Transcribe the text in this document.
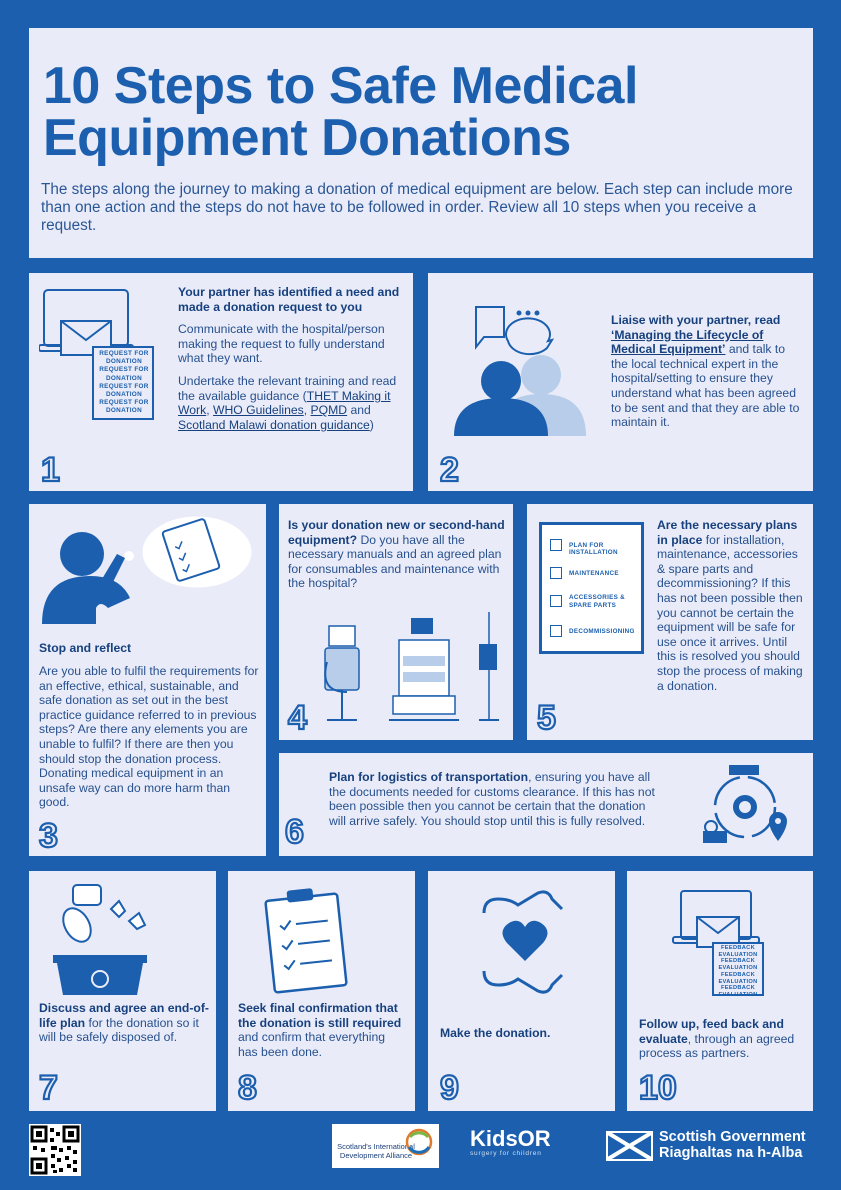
10 Steps to Safe Medical
Equipment Donations
The steps along the journey to making a donation of medical equipment are below. Each step can include more than one action and the steps do not have to be followed in order. Review all 10 steps when you receive a request.
REQUEST FOR
DONATION
REQUEST FOR
DONATION
REQUEST FOR
DONATION
REQUEST FOR
DONATION
Your partner has identified a need and made a donation request to you
Communicate with the hospital/person making the request to fully understand what they want.
Undertake the relevant training and read the available guidance (THET Making it Work, WHO Guidelines, PQMD and Scotland Malawi donation guidance)
1
Liaise with your partner, read ‘Managing the Lifecycle of Medical Equipment’ and talk to the local technical expert in the hospital/setting to ensure they understand what has been agreed to be sent and that they are able to maintain it.
2
Stop and reflect
Are you able to fulfil the requirements for an effective, ethical, sustainable, and safe donation as set out in the best practice guidance referred to in previous steps? Are there any elements you are unable to fulfil? If there are then you should stop the donation process. Donating medical equipment in an unsafe way can do more harm than good.
3
Is your donation new or second-hand equipment? Do you have all the necessary manuals and an agreed plan for consumables and maintenance with the hospital?
4
PLAN FOR INSTALLATION
MAINTENANCE
ACCESSORIES &
SPARE PARTS
DECOMMISSIONING
Are the necessary plans in place for installation, maintenance, accessories & spare parts and decommissioning? If this has not been possible then you cannot be certain the equipment will be safe for use once it arrives. Until this is resolved you should stop the process of making a donation.
5
6
Plan for logistics of transportation, ensuring you have all the documents needed for customs clearance. If this has not been possible then you cannot be certain that the donation will arrive safely. You should stop until this is fully resolved.
Discuss and agree an end-of-life plan for the donation so it will be safely disposed of.
7
Seek final confirmation that the donation is still required and confirm that everything has been done.
8
Make the donation.
9
FEEDBACK
EVALUATION
FEEDBACK
EVALUATION
FEEDBACK
EVALUATION
FEEDBACK
EVALUATION
Follow up, feed back and evaluate, through an agreed process as partners.
10
Scotland's International
Development Alliance
KidsOR
surgery for children
Scottish Government
Riaghaltas na h-Alba
